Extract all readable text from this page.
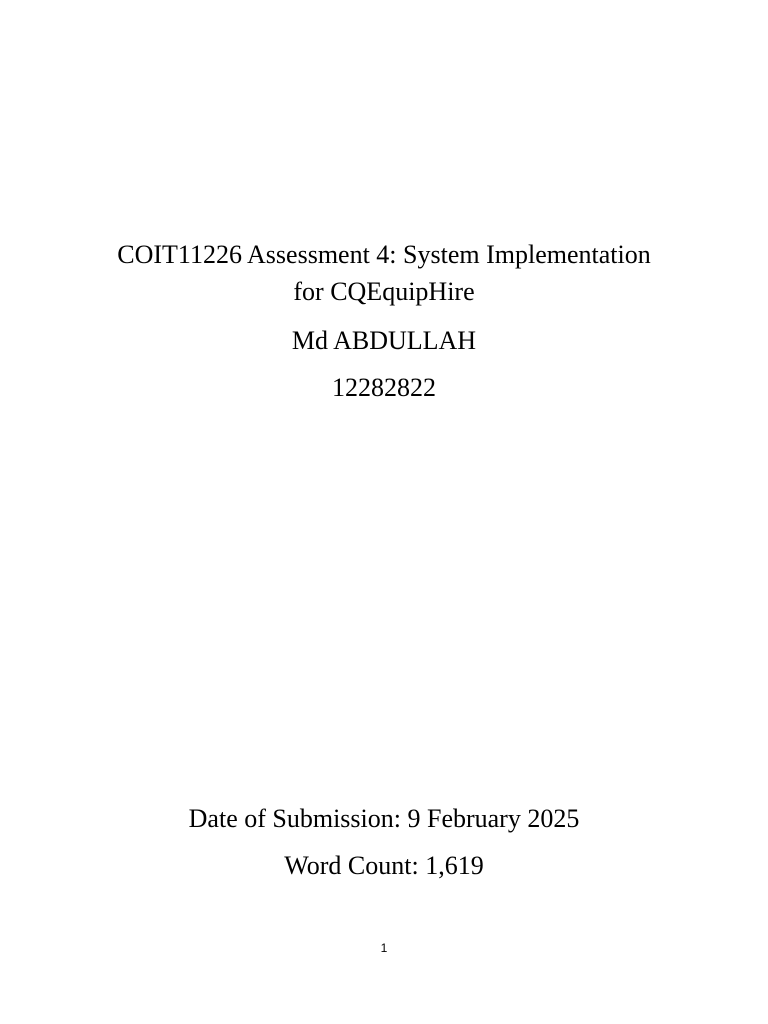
COIT11226 Assessment 4: System Implementation
for CQEquipHire
Md ABDULLAH
12282822
Date of Submission: 9 February 2025
Word Count: 1,619
1
